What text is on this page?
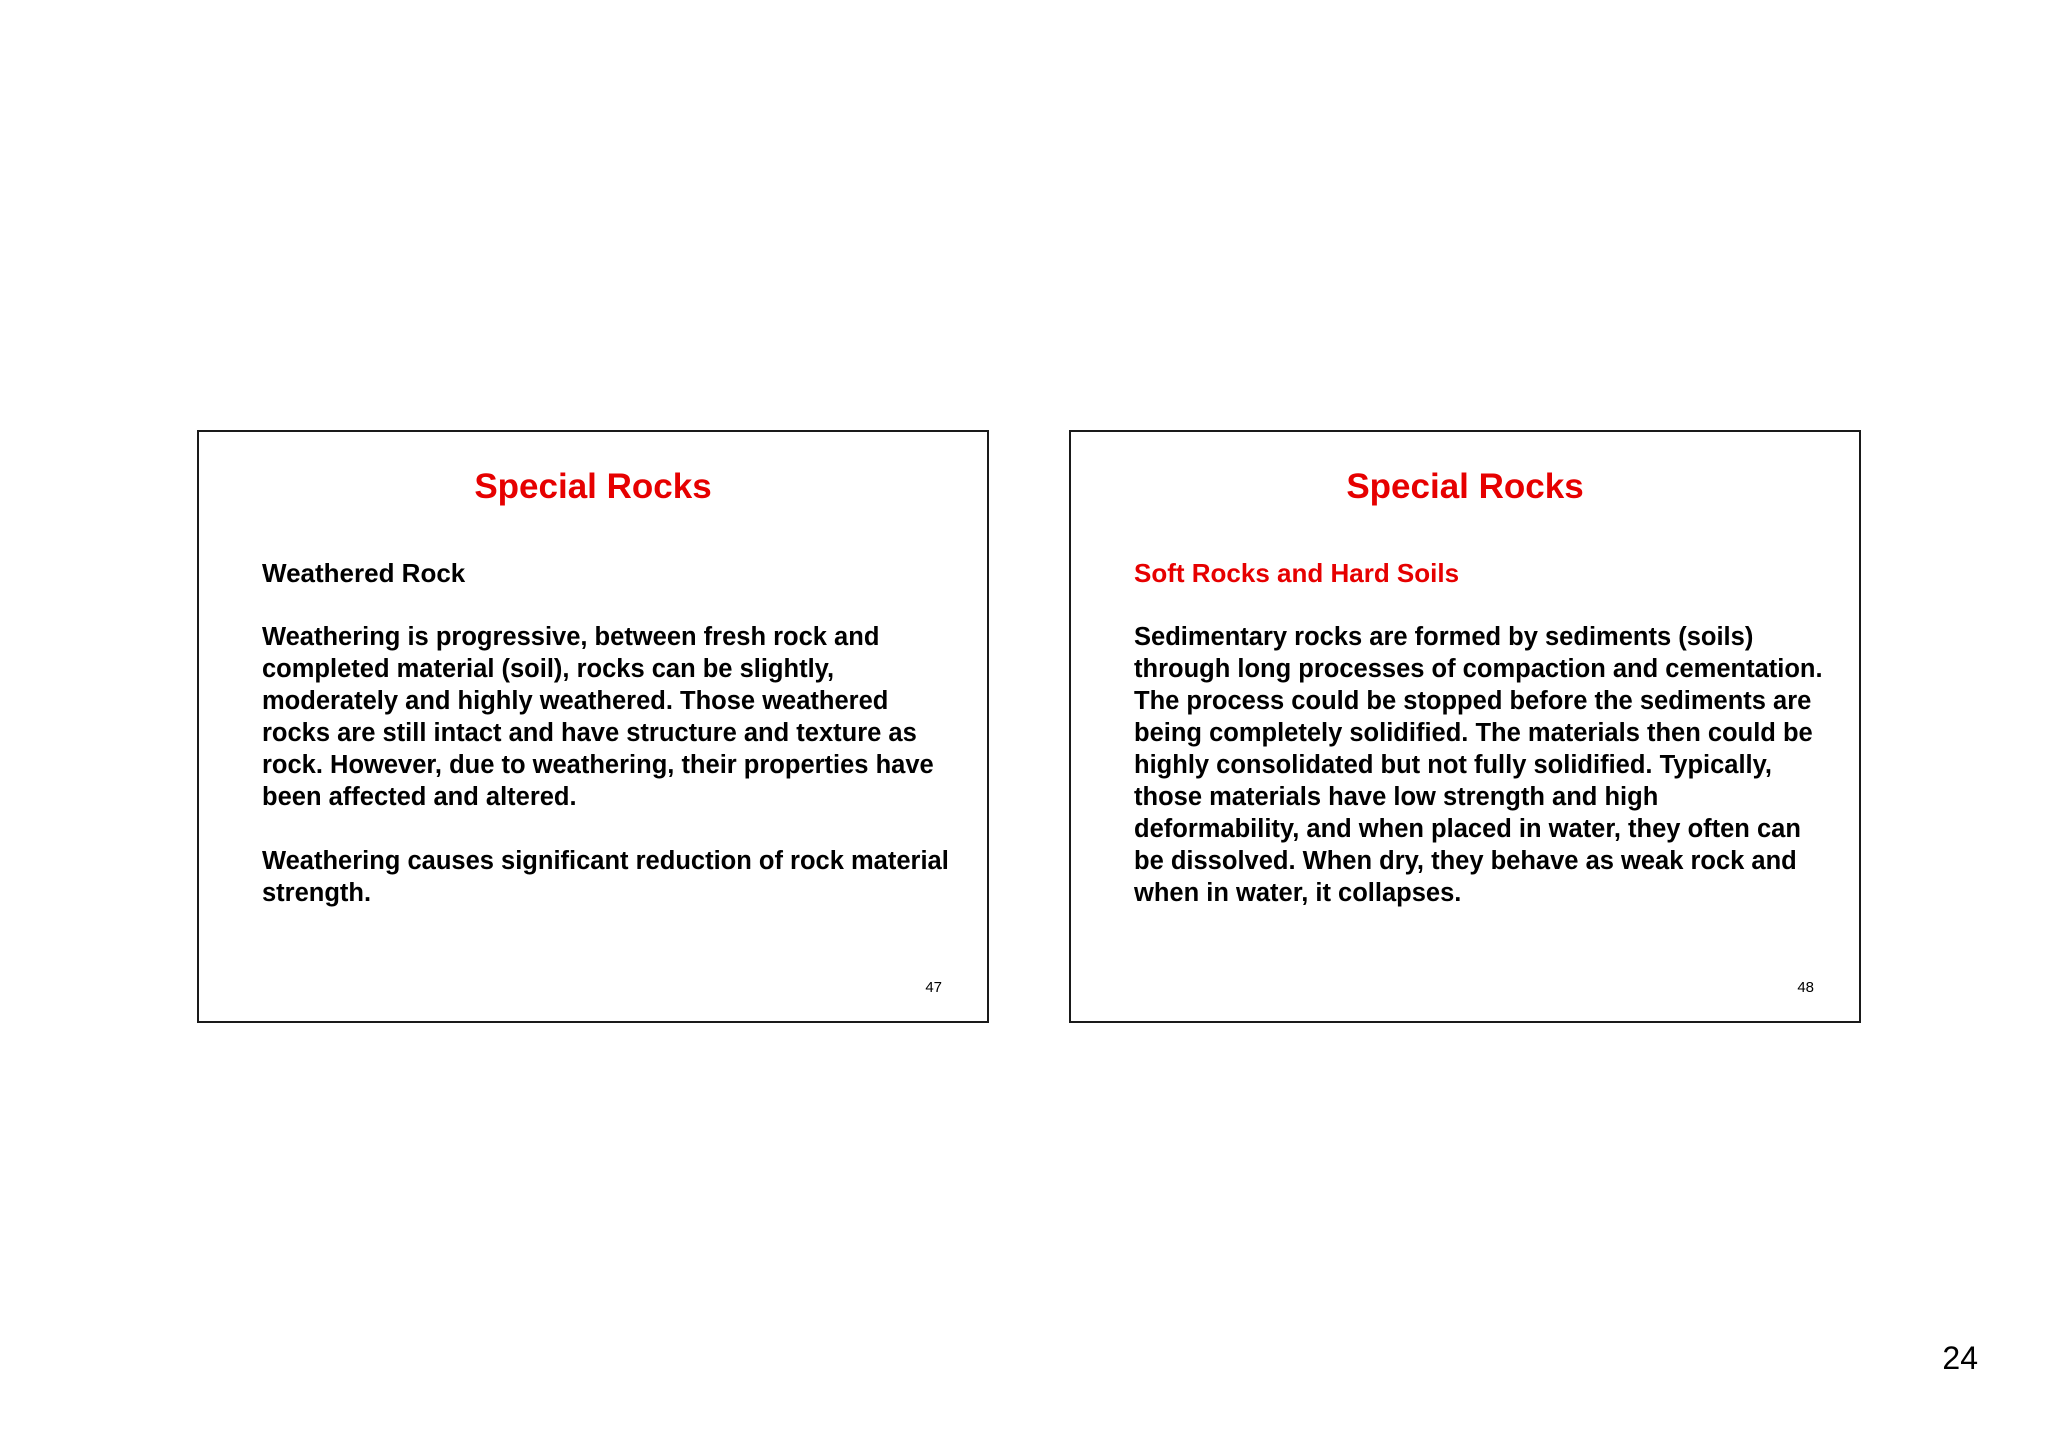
Special Rocks
Weathered Rock

Weathering is progressive, between fresh rock and completed material (soil), rocks can be slightly, moderately and highly weathered. Those weathered rocks are still intact and have structure and texture as rock. However, due to weathering, their properties have been affected and altered.

Weathering causes significant reduction of rock material strength.

47
Special Rocks
Soft Rocks and Hard Soils

Sedimentary rocks are formed by sediments (soils) through long processes of compaction and cementation. The process could be stopped before the sediments are being completely solidified. The materials then could be highly consolidated but not fully solidified. Typically, those materials have low strength and high deformability, and when placed in water, they often can be dissolved. When dry, they behave as weak rock and when in water, it collapses.

48
24
